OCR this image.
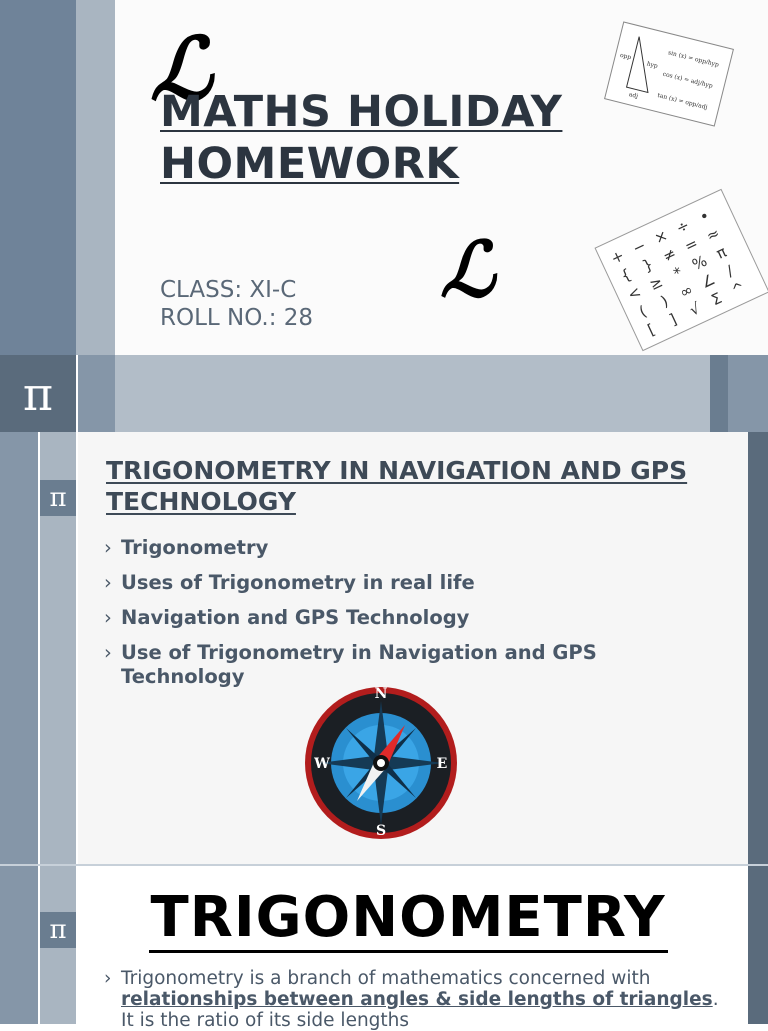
ℒ
MATHS HOLIDAY
HOMEWORK
ℒ
CLASS: XI-C
ROLL NO.: 28
opp
hyp
adj
sin (x) = opp/hyp
cos (x) = adj/hyp
tan (x) = opp/adj
+ − × ÷ •
{ } ≠ = ≈
< ≥ * % π
(
) ∞ ∠ /
[
] √ Σ ^
π
π
TRIGONOMETRY IN NAVIGATION AND GPS TECHNOLOGY
› Trigonometry
› Uses of Trigonometry in real life
› Navigation and GPS Technology
› Use of Trigonometry in Navigation and GPS Technology
N
S
W	E
π	TRIGONOMETRY
› Trigonometry is a branch of mathematics concerned with relationships between angles & side lengths of triangles. It is the ratio of its side lengths
